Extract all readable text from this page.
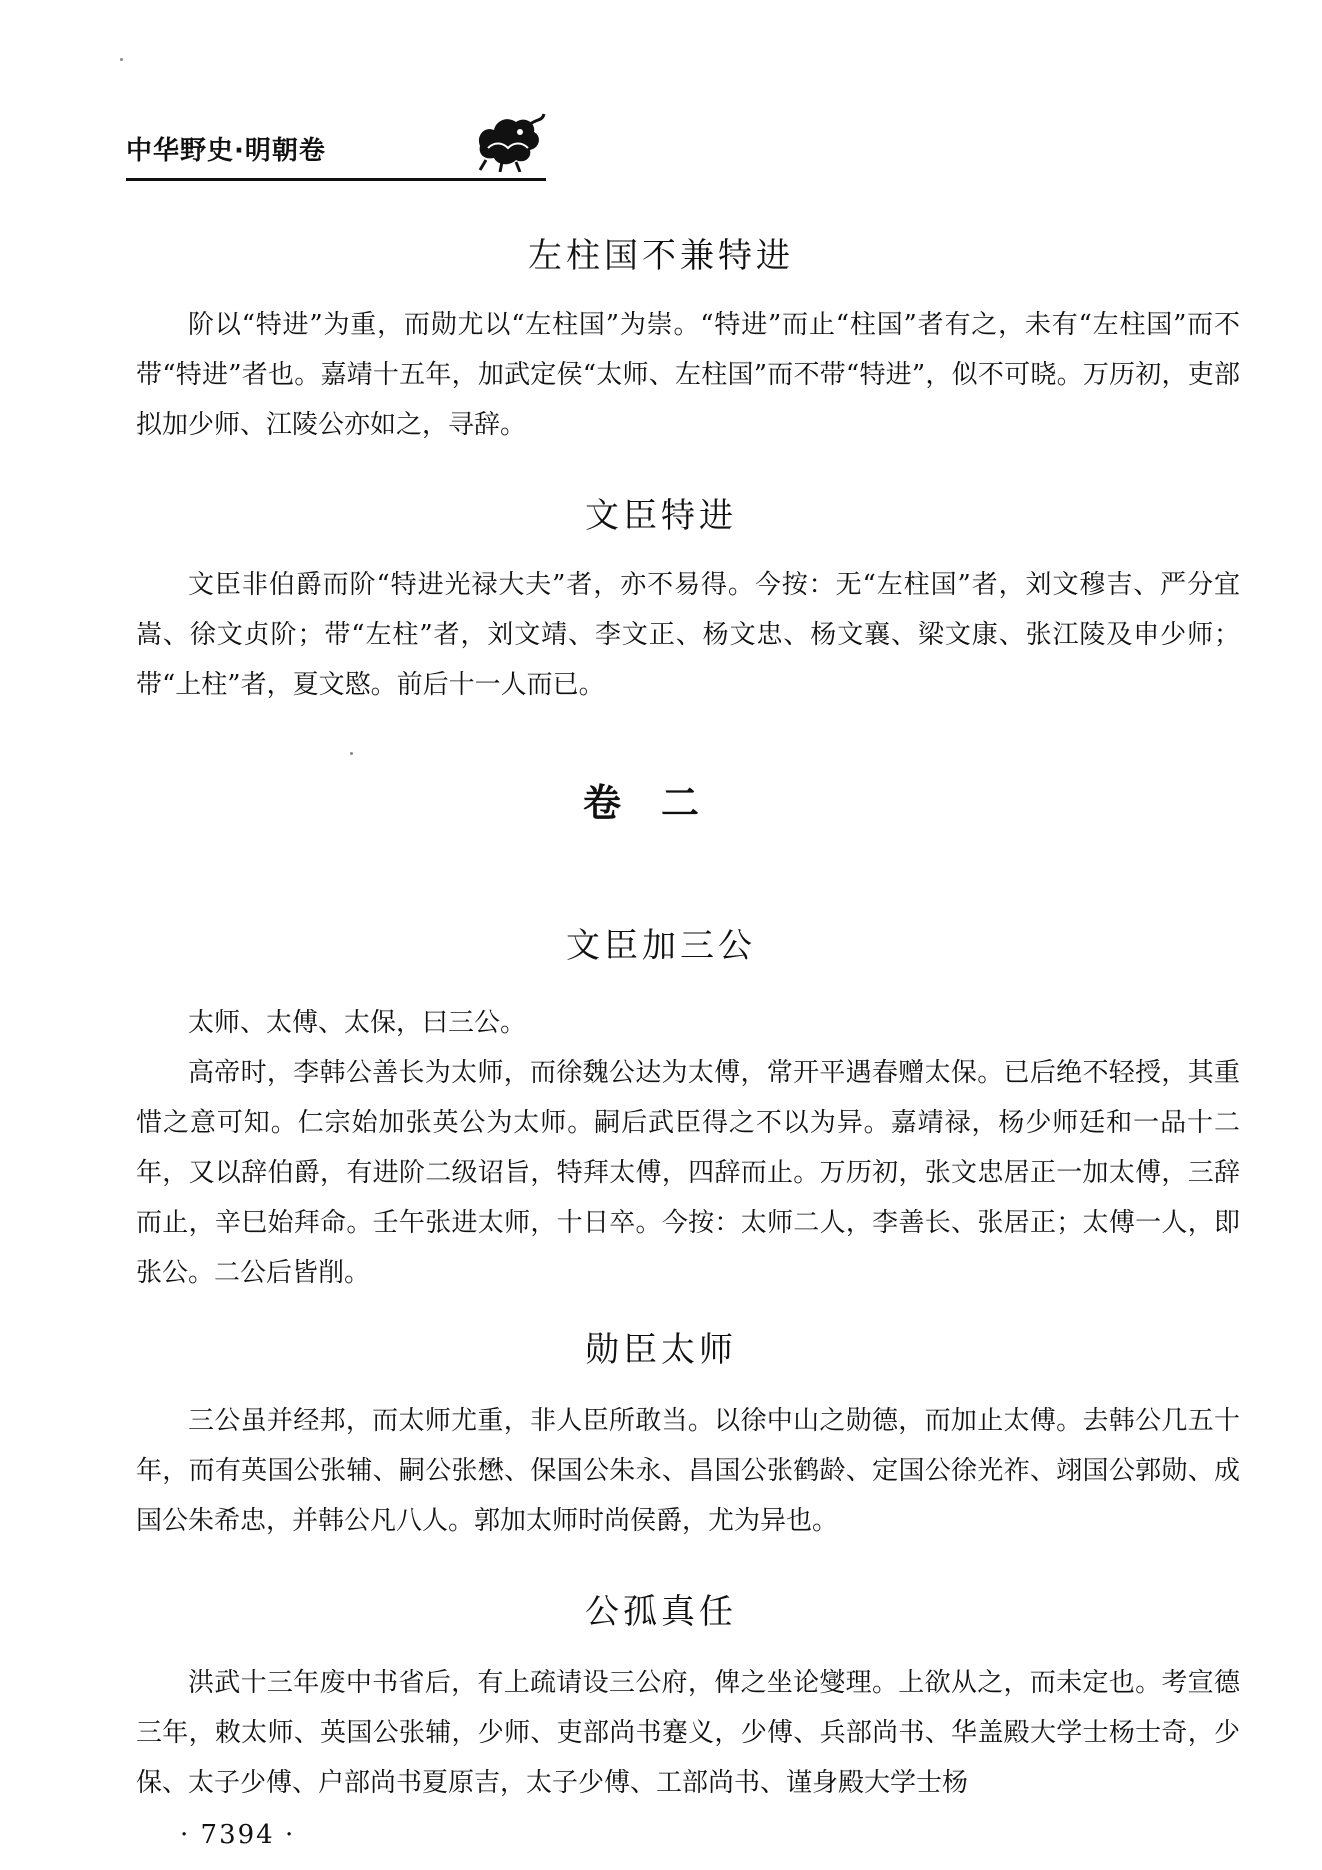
中华野史·明朝卷
左柱国不兼特进

阶以“特进”为重，而勋尤以“左柱国”为崇。“特进”而止“柱国”者有之，未有“左柱国”而不带“特进”者也。嘉靖十五年，加武定侯“太师、左柱国”而不带“特进”，似不可晓。万历初，吏部拟加少师、江陵公亦如之，寻辞。

文臣特进

文臣非伯爵而阶“特进光禄大夫”者，亦不易得。今按：无“左柱国”者，刘文穆吉、严分宜嵩、徐文贞阶；带“左柱”者，刘文靖、李文正、杨文忠、杨文襄、梁文康、张江陵及申少师；带“上柱”者，夏文愍。前后十一人而已。

卷二
文臣加三公

太师、太傅、太保，曰三公。

高帝时，李韩公善长为太师，而徐魏公达为太傅，常开平遇春赠太保。已后绝不轻授，其重惜之意可知。仁宗始加张英公为太师。嗣后武臣得之不以为异。嘉靖禄，杨少师廷和一品十二年，又以辞伯爵，有进阶二级诏旨，特拜太傅，四辞而止。万历初，张文忠居正一加太傅，三辞而止，辛巳始拜命。壬午张进太师，十日卒。今按：太师二人，李善长、张居正；太傅一人，即张公。二公后皆削。

勋臣太师

三公虽并经邦，而太师尤重，非人臣所敢当。以徐中山之勋德，而加止太傅。去韩公几五十年，而有英国公张辅、嗣公张懋、保国公朱永、昌国公张鹤龄、定国公徐光祚、翊国公郭勋、成国公朱希忠，并韩公凡八人。郭加太师时尚侯爵，尤为异也。

公孤真任

洪武十三年废中书省后，有上疏请设三公府，俾之坐论燮理。上欲从之，而未定也。考宣德三年，敕太师、英国公张辅，少师、吏部尚书蹇义，少傅、兵部尚书、华盖殿大学士杨士奇，少保、太子少傅、户部尚书夏原吉，太子少傅、工部尚书、谨身殿大学士杨

· 7394 ·
